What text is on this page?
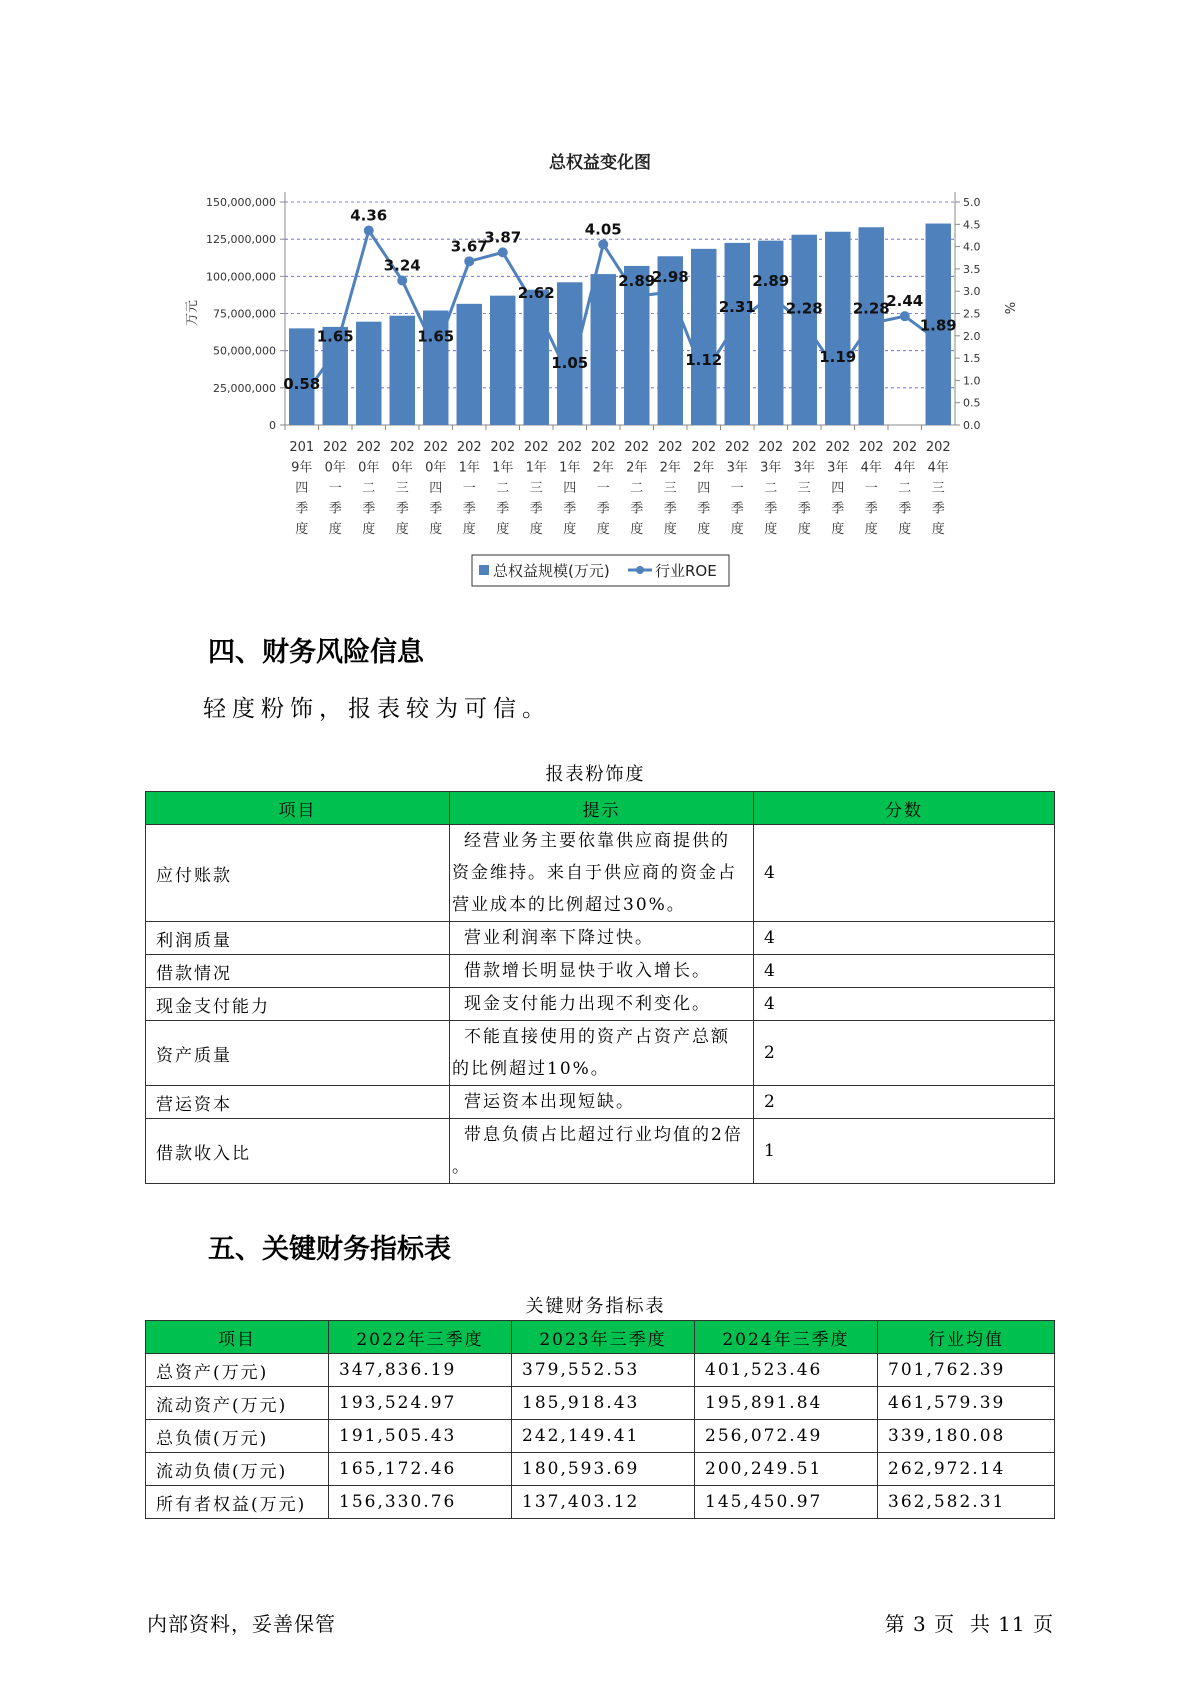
总权益变化图
0
25,000,000
50,000,000
75,000,000
100,000,000
125,000,000
150,000,000
0.0
0.5
1.0
1.5
2.0
2.5
3.0
3.5
4.0
4.5
5.0
万元	%
201
9年
四
季
度
202
0年
一
季
度
202
0年
二
季
度
202
0年
三
季
度
202
0年
四
季
度
202
1年
一
季
度
202
1年
二
季
度
202
1年
三
季
度
202
1年
四
季
度
202
2年
一
季
度
202
2年
二
季
度
202
2年
三
季
度
202
2年
四
季
度
202
3年
一
季
度
202
3年
二
季
度
202
3年
三
季
度
202
3年
四
季
度
202
4年
一
季
度
202
4年
二
季
度
202
4年
三
季
度
0.58
1.65
4.36
3.24
1.65
3.67
3.87
2.62
1.05
4.05
2.89
2.98
1.12
2.31
2.89
2.28
1.19
2.28
2.44
1.89
总权益规模(万元)	行业ROE
四、财务风险信息
轻度粉饰，报表较为可信。
报表粉饰度
项目	提示	分数
应付账款	经营业务主要依靠供应商提供的
资金维持。来自于供应商的资金占
营业成本的比例超过30%。	4
利润质量	营业利润率下降过快。	4
借款情况	借款增长明显快于收入增长。	4
现金支付能力	现金支付能力出现不利变化。	4
资产质量	不能直接使用的资产占资产总额
的比例超过10%。	2
营运资本	营运资本出现短缺。	2
借款收入比	带息负债占比超过行业均值的2倍
。	1
五、关键财务指标表
关键财务指标表
项目	2022年三季度	2023年三季度	2024年三季度	行业均值
总资产(万元)	347,836.19	379,552.53	401,523.46	701,762.39
流动资产(万元)	193,524.97	185,918.43	195,891.84	461,579.39
总负债(万元)	191,505.43	242,149.41	256,072.49	339,180.08
流动负债(万元)	165,172.46	180,593.69	200,249.51	262,972.14
所有者权益(万元)	156,330.76	137,403.12	145,450.97	362,582.31
内部资料，妥善保管	第 3 页  共 11 页
